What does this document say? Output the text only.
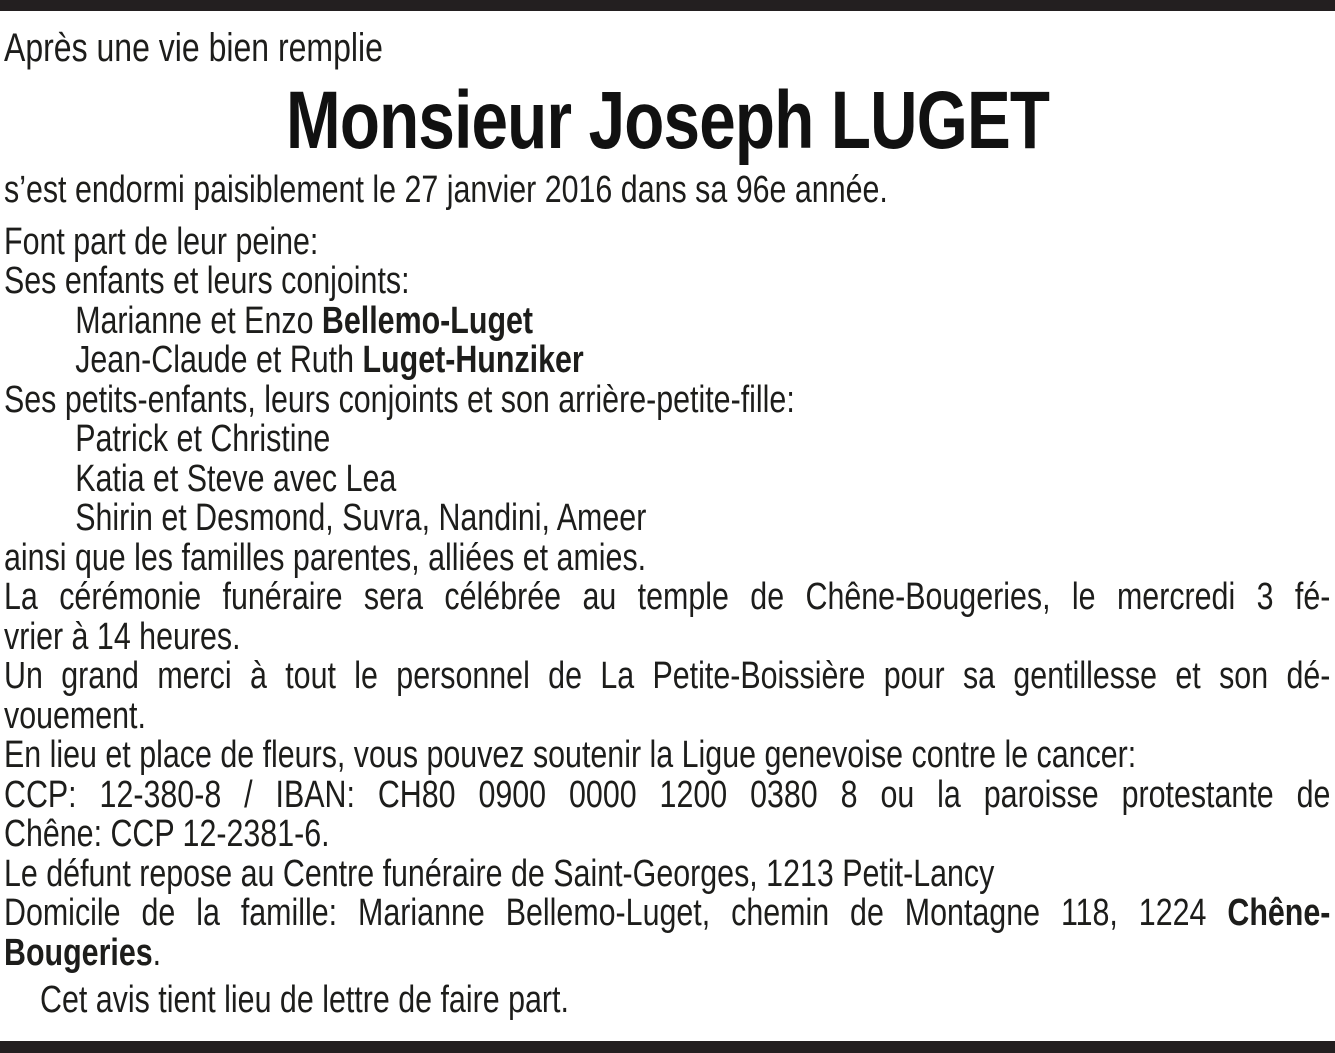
Après une vie bien remplie
Monsieur Joseph LUGET
s’est endormi paisiblement le 27 janvier 2016 dans sa 96e année.
Font part de leur peine:
Ses enfants et leurs conjoints:
Marianne et Enzo Bellemo-Luget
Jean-Claude et Ruth Luget-Hunziker
Ses petits-enfants, leurs conjoints et son arrière-petite-fille:
Patrick et Christine
Katia et Steve avec Lea
Shirin et Desmond, Suvra, Nandini, Ameer
ainsi que les familles parentes, alliées et amies.
La cérémonie funéraire sera célébrée au temple de Chêne-Bougeries, le mercredi 3 fé-
vrier à 14 heures.
Un grand merci à tout le personnel de La Petite-Boissière pour sa gentillesse et son dé-
vouement.
En lieu et place de fleurs, vous pouvez soutenir la Ligue genevoise contre le cancer:
CCP: 12-380-8 / IBAN: CH80 0900 0000 1200 0380 8 ou la paroisse protestante de
Chêne: CCP 12-2381-6.
Le défunt repose au Centre funéraire de Saint-Georges, 1213 Petit-Lancy
Domicile de la famille: Marianne Bellemo-Luget, chemin de Montagne 118, 1224 Chêne-
Bougeries.
Cet avis tient lieu de lettre de faire part.
